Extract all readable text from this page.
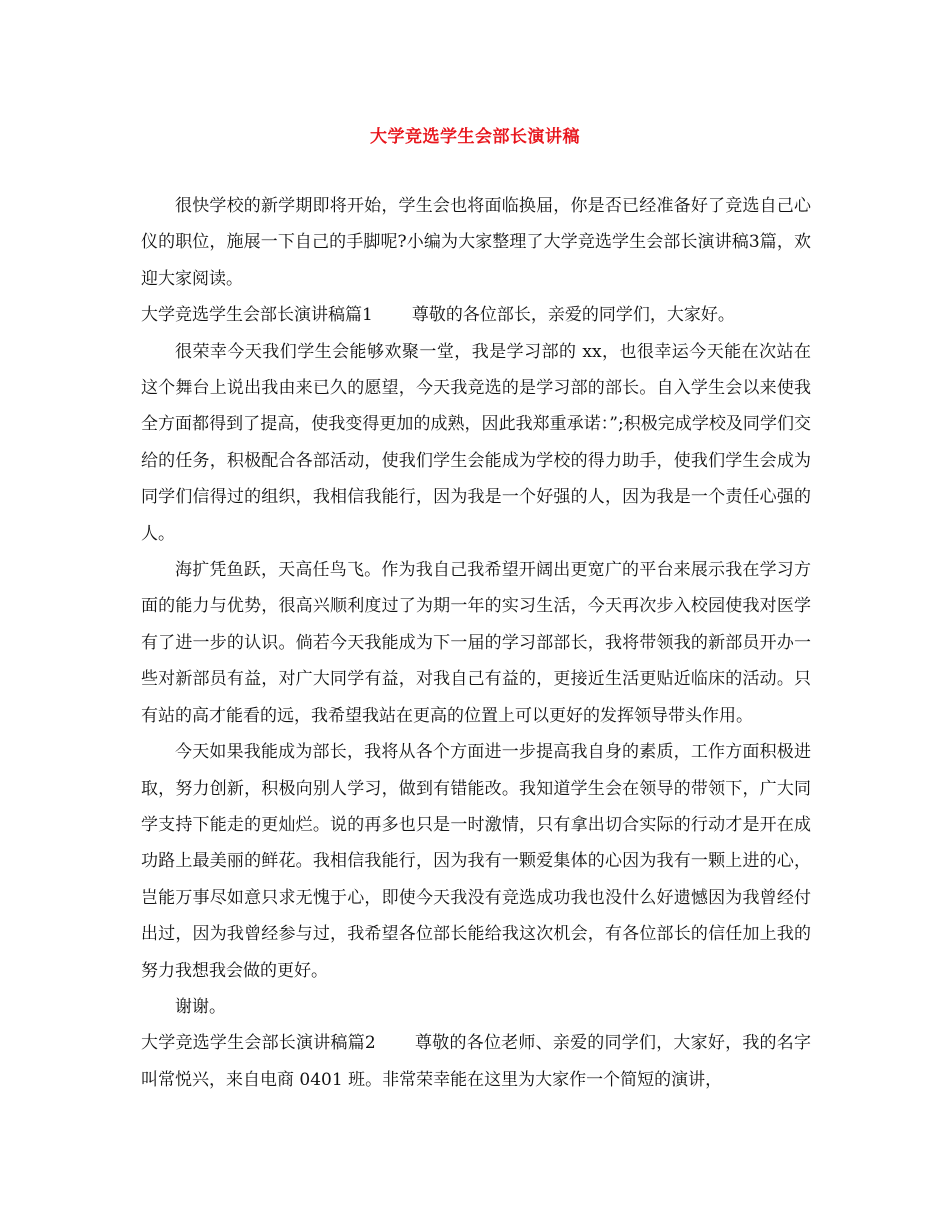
大学竞选学生会部长演讲稿

很快学校的新学期即将开始，学生会也将面临换届，你是否已经准备好了竞选自己心仪的职位，施展一下自己的手脚呢?小编为大家整理了大学竞选学生会部长演讲稿3篇，欢迎大家阅读。

大学竞选学生会部长演讲稿篇1 尊敬的各位部长，亲爱的同学们，大家好。

很荣幸今天我们学生会能够欢聚一堂，我是学习部的 xx，也很幸运今天能在次站在这个舞台上说出我由来已久的愿望，今天我竞选的是学习部的部长。自入学生会以来使我全方面都得到了提高，使我变得更加的成熟，因此我郑重承诺：”;积极完成学校及同学们交给的任务，积极配合各部活动，使我们学生会能成为学校的得力助手，使我们学生会成为同学们信得过的组织，我相信我能行，因为我是一个好强的人，因为我是一个责任心强的人。

海扩凭鱼跃，天高任鸟飞。作为我自己我希望开阔出更宽广的平台来展示我在学习方面的能力与优势，很高兴顺利度过了为期一年的实习生活，今天再次步入校园使我对医学有了进一步的认识。倘若今天我能成为下一届的学习部部长，我将带领我的新部员开办一些对新部员有益，对广大同学有益，对我自己有益的，更接近生活更贴近临床的活动。只有站的高才能看的远，我希望我站在更高的位置上可以更好的发挥领导带头作用。

今天如果我能成为部长，我将从各个方面进一步提高我自身的素质，工作方面积极进取，努力创新，积极向别人学习，做到有错能改。我知道学生会在领导的带领下，广大同学支持下能走的更灿烂。说的再多也只是一时激情，只有拿出切合实际的行动才是开在成功路上最美丽的鲜花。我相信我能行，因为我有一颗爱集体的心因为我有一颗上进的心，岂能万事尽如意只求无愧于心，即使今天我没有竞选成功我也没什么好遗憾因为我曾经付出过，因为我曾经参与过，我希望各位部长能给我这次机会，有各位部长的信任加上我的努力我想我会做的更好。

谢谢。

大学竞选学生会部长演讲稿篇2 尊敬的各位老师、亲爱的同学们，大家好，我的名字叫常悦兴，来自电商 0401 班。非常荣幸能在这里为大家作一个简短的演讲，
